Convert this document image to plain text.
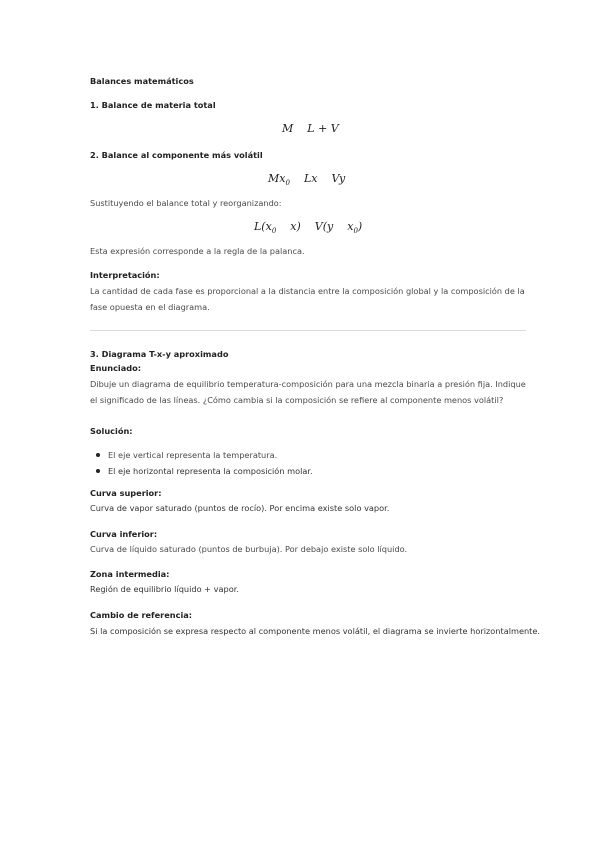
Balances matemáticos
1. Balance de materia total
M L + V
2. Balance al componente más volátil
$Mx_0$ Lx Vy
Sustituyendo el balance total y reorganizando:
$L(x_0$ x) V(y $x_0$)
Esta expresión corresponde a la regla de la palanca.
Interpretación:
La cantidad de cada fase es proporcional a la distancia entre la composición global y la composición de la fase opuesta en el diagrama.
3. Diagrama T-x-y aproximado
Enunciado:
Dibuje un diagrama de equilibrio temperatura-composición para una mezcla binaria a presión fija. Indique el significado de las líneas. ¿Cómo cambia si la composición se refiere al componente menos volátil?
Solución:
El eje vertical representa la temperatura.
El eje horizontal representa la composición molar.
Curva superior:
Curva de vapor saturado (puntos de rocío). Por encima existe solo vapor.
Curva inferior:
Curva de líquido saturado (puntos de burbuja). Por debajo existe solo líquido.
Zona intermedia:
Región de equilibrio líquido + vapor.
Cambio de referencia:
Si la composición se expresa respecto al componente menos volátil, el diagrama se invierte horizontalmente.
